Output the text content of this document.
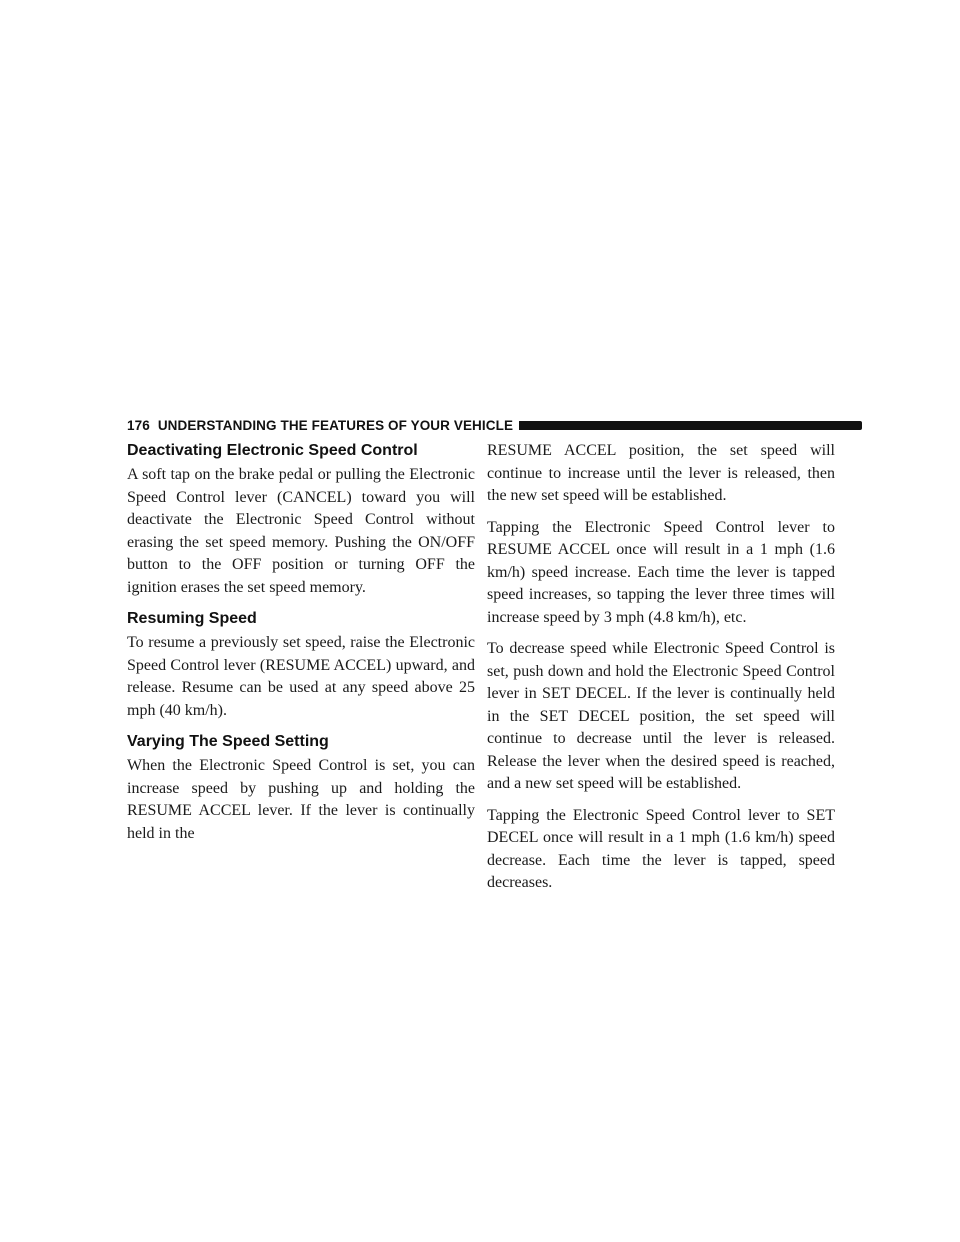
176 UNDERSTANDING THE FEATURES OF YOUR VEHICLE
Deactivating Electronic Speed Control

A soft tap on the brake pedal or pulling the Electronic Speed Control lever (CANCEL) toward you will deactivate the Electronic Speed Control without erasing the set speed memory. Pushing the ON/OFF button to the OFF position or turning OFF the ignition erases the set speed memory.

Resuming Speed

To resume a previously set speed, raise the Electronic Speed Control lever (RESUME ACCEL) upward, and release. Resume can be used at any speed above 25 mph (40 km/h).

Varying The Speed Setting

When the Electronic Speed Control is set, you can increase speed by pushing up and holding the RESUME ACCEL lever. If the lever is continually held in the

RESUME ACCEL position, the set speed will continue to increase until the lever is released, then the new set speed will be established.

Tapping the Electronic Speed Control lever to RESUME ACCEL once will result in a 1 mph (1.6 km/h) speed increase. Each time the lever is tapped speed increases, so tapping the lever three times will increase speed by 3 mph (4.8 km/h), etc.

To decrease speed while Electronic Speed Control is set, push down and hold the Electronic Speed Control lever in SET DECEL. If the lever is continually held in the SET DECEL position, the set speed will continue to decrease until the lever is released. Release the lever when the desired speed is reached, and a new set speed will be established.

Tapping the Electronic Speed Control lever to SET DECEL once will result in a 1 mph (1.6 km/h) speed decrease. Each time the lever is tapped, speed decreases.
